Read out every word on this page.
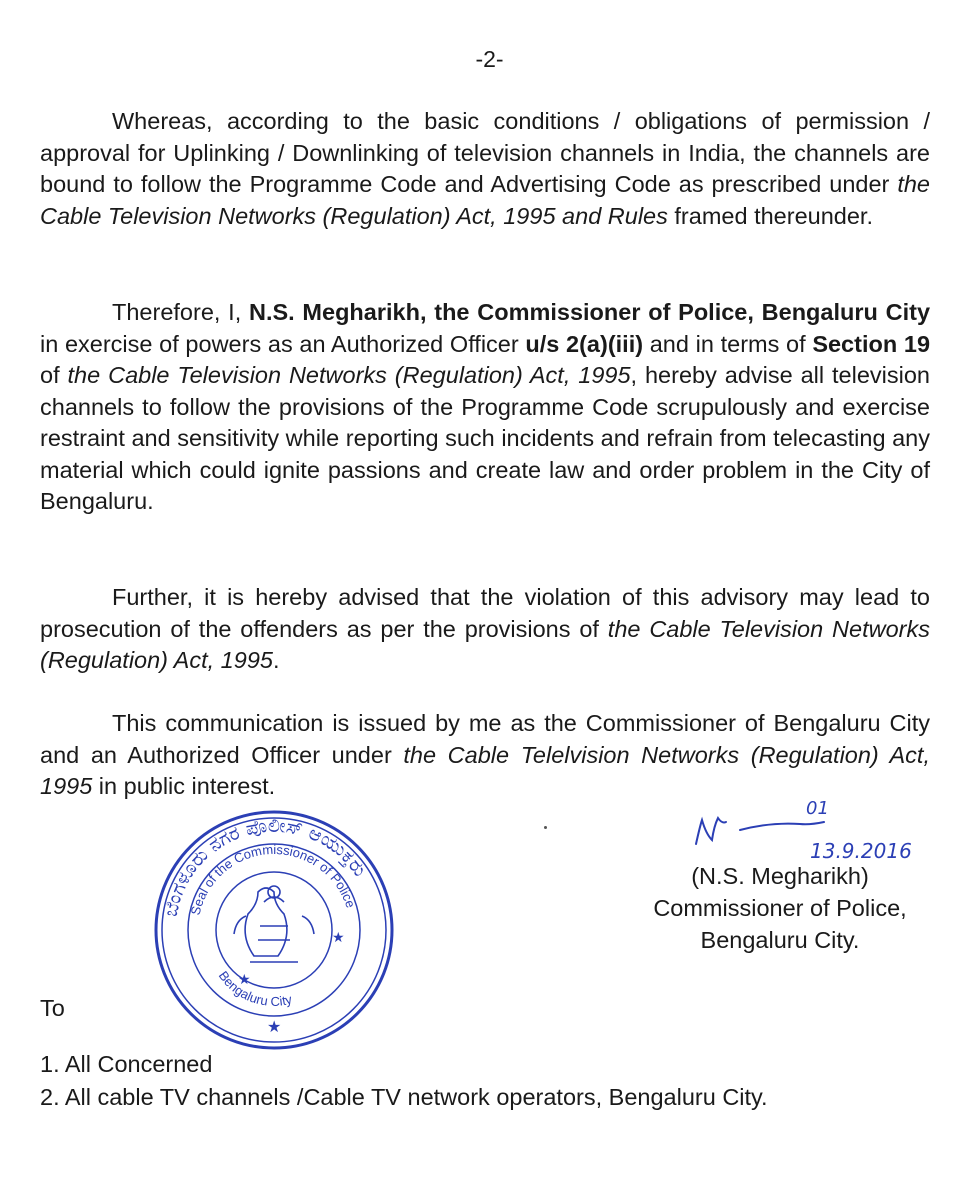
-2-

Whereas, according to the basic conditions / obligations of permission / approval for Uplinking / Downlinking of television channels in India, the channels are bound to follow the Programme Code and Advertising Code as prescribed under the Cable Television Networks (Regulation) Act, 1995 and Rules framed thereunder.

Therefore, I, N.S. Megharikh, the Commissioner of Police, Bengaluru City in exercise of powers as an Authorized Officer u/s 2(a)(iii) and in terms of Section 19 of the Cable Television Networks (Regulation) Act, 1995, hereby advise all television channels to follow the provisions of the Programme Code scrupulously and exercise restraint and sensitivity while reporting such incidents and refrain from telecasting any material which could ignite passions and create law and order problem in the City of Bengaluru.

Further, it is hereby advised that the violation of this advisory may lead to prosecution of the offenders as per the provisions of the Cable Television Networks (Regulation) Act, 1995.

This communication is issued by me as the Commissioner of Bengaluru City and an Authorized Officer under the Cable Telelvision Networks (Regulation) Act, 1995 in public interest.

ಬೆಂಗಳೂರು ನಗರ ಪೊಲೀಸ್ ಆಯುಕ್ತರು
Seal of the Commissioner of Police
Bengaluru City
★
★
★
01
13.9.2016
(N.S. Megharikh)
Commissioner of Police,
Bengaluru City.
To
1. All Concerned
2. All cable TV channels /Cable TV network operators, Bengaluru City.
